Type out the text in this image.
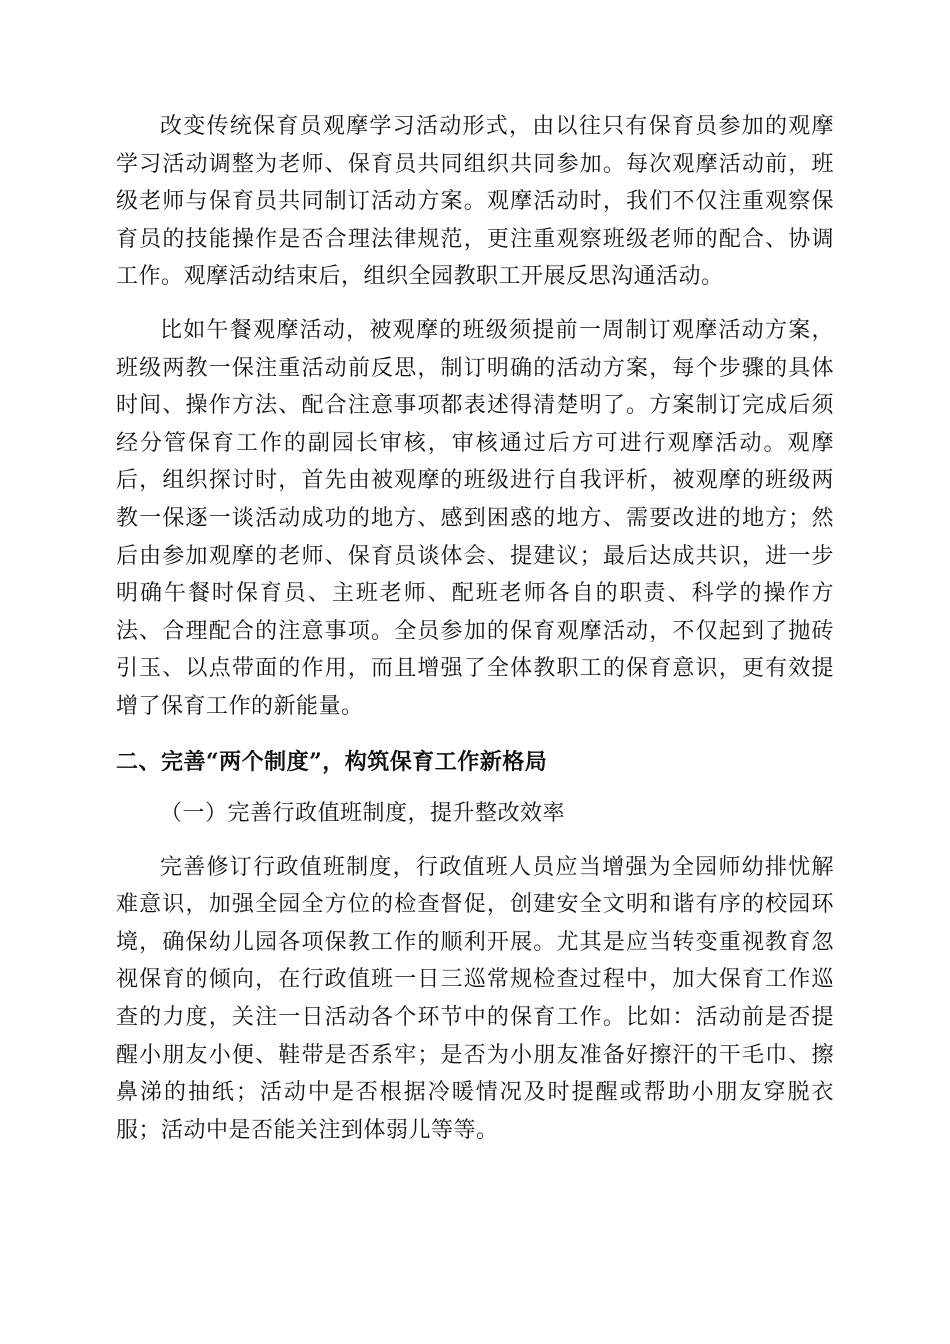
改变传统保育员观摩学习活动形式，由以往只有保育员参加的观摩学习活动调整为老师、保育员共同组织共同参加。每次观摩活动前，班级老师与保育员共同制订活动方案。观摩活动时，我们不仅注重观察保育员的技能操作是否合理法律规范，更注重观察班级老师的配合、协调工作。观摩活动结束后，组织全园教职工开展反思沟通活动。

比如午餐观摩活动，被观摩的班级须提前一周制订观摩活动方案，班级两教一保注重活动前反思，制订明确的活动方案，每个步骤的具体时间、操作方法、配合注意事项都表述得清楚明了。方案制订完成后须经分管保育工作的副园长审核，审核通过后方可进行观摩活动。观摩后，组织探讨时，首先由被观摩的班级进行自我评析，被观摩的班级两教一保逐一谈活动成功的地方、感到困惑的地方、需要改进的地方；然后由参加观摩的老师、保育员谈体会、提建议；最后达成共识，进一步明确午餐时保育员、主班老师、配班老师各自的职责、科学的操作方法、合理配合的注意事项。全员参加的保育观摩活动，不仅起到了抛砖引玉、以点带面的作用，而且增强了全体教职工的保育意识，更有效提增了保育工作的新能量。

二、完善“两个制度”，构筑保育工作新格局

（一）完善行政值班制度，提升整改效率

完善修订行政值班制度，行政值班人员应当增强为全园师幼排忧解难意识，加强全园全方位的检查督促，创建安全文明和谐有序的校园环境，确保幼儿园各项保教工作的顺利开展。尤其是应当转变重视教育忽视保育的倾向，在行政值班一日三巡常规检查过程中，加大保育工作巡查的力度，关注一日活动各个环节中的保育工作。比如：活动前是否提醒小朋友小便、鞋带是否系牢；是否为小朋友准备好擦汗的干毛巾、擦鼻涕的抽纸；活动中是否根据冷暖情况及时提醒或帮助小朋友穿脱衣服；活动中是否能关注到体弱儿等等。
